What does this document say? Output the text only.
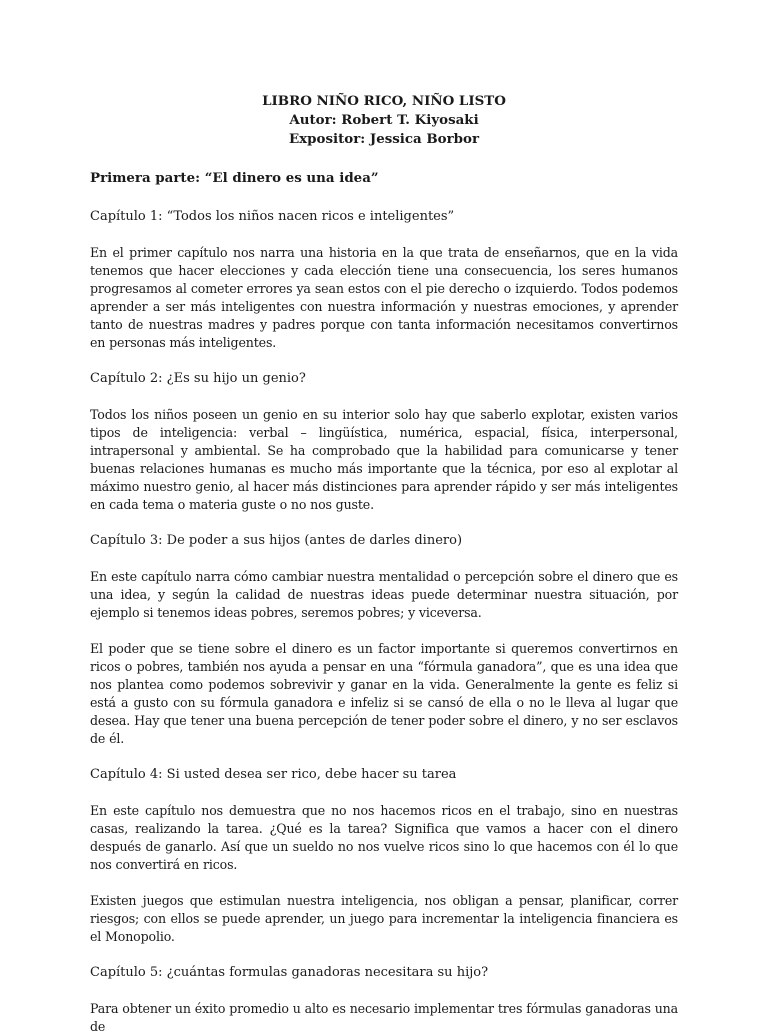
LIBRO NIÑO RICO, NIÑO LISTO
Autor: Robert T. Kiyosaki
Expositor: Jessica Borbor
Primera parte: “El dinero es una idea”
Capítulo 1: “Todos los niños nacen ricos e inteligentes”

En el primer capítulo nos narra una historia en la que trata de enseñarnos, que en la vida tenemos que hacer elecciones y cada elección tiene una consecuencia, los seres humanos progresamos al cometer errores ya sean estos con el pie derecho o izquierdo. Todos podemos aprender a ser más inteligentes con nuestra información y nuestras emociones, y aprender tanto de nuestras madres y padres porque con tanta información necesitamos convertirnos en personas más inteligentes.

Capítulo 2: ¿Es su hijo un genio?

Todos los niños poseen un genio en su interior solo hay que saberlo explotar, existen varios tipos de inteligencia: verbal – lingüística, numérica, espacial, física, interpersonal, intrapersonal y ambiental. Se ha comprobado que la habilidad para comunicarse y tener buenas relaciones humanas es mucho más importante que la técnica, por eso al explotar al máximo nuestro genio, al hacer más distinciones para aprender rápido y ser más inteligentes en cada tema o materia guste o no nos guste.

Capítulo 3: De poder a sus hijos (antes de darles dinero)

En este capítulo narra cómo cambiar nuestra mentalidad o percepción sobre el dinero que es una idea, y según la calidad de nuestras ideas puede determinar nuestra situación, por ejemplo si tenemos ideas pobres, seremos pobres; y viceversa.

El poder que se tiene sobre el dinero es un factor importante si queremos convertirnos en ricos o pobres, también nos ayuda a pensar en una “fórmula ganadora”, que es una idea que nos plantea como podemos sobrevivir y ganar en la vida. Generalmente la gente es feliz si está a gusto con su fórmula ganadora e infeliz si se cansó de ella o no le lleva al lugar que desea. Hay que tener una buena percepción de tener poder sobre el dinero, y no ser esclavos de él.

Capítulo 4: Si usted desea ser rico, debe hacer su tarea

En este capítulo nos demuestra que no nos hacemos ricos en el trabajo, sino en nuestras casas, realizando la tarea. ¿Qué es la tarea? Significa que vamos a hacer con el dinero después de ganarlo. Así que un sueldo no nos vuelve ricos sino lo que hacemos con él lo que nos convertirá en ricos.

Existen juegos que estimulan nuestra inteligencia, nos obligan a pensar, planificar, correr riesgos; con ellos se puede aprender, un juego para incrementar la inteligencia financiera es el Monopolio.

Capítulo 5: ¿cuántas formulas ganadoras necesitara su hijo?

Para obtener un éxito promedio u alto es necesario implementar tres fórmulas ganadoras una de
